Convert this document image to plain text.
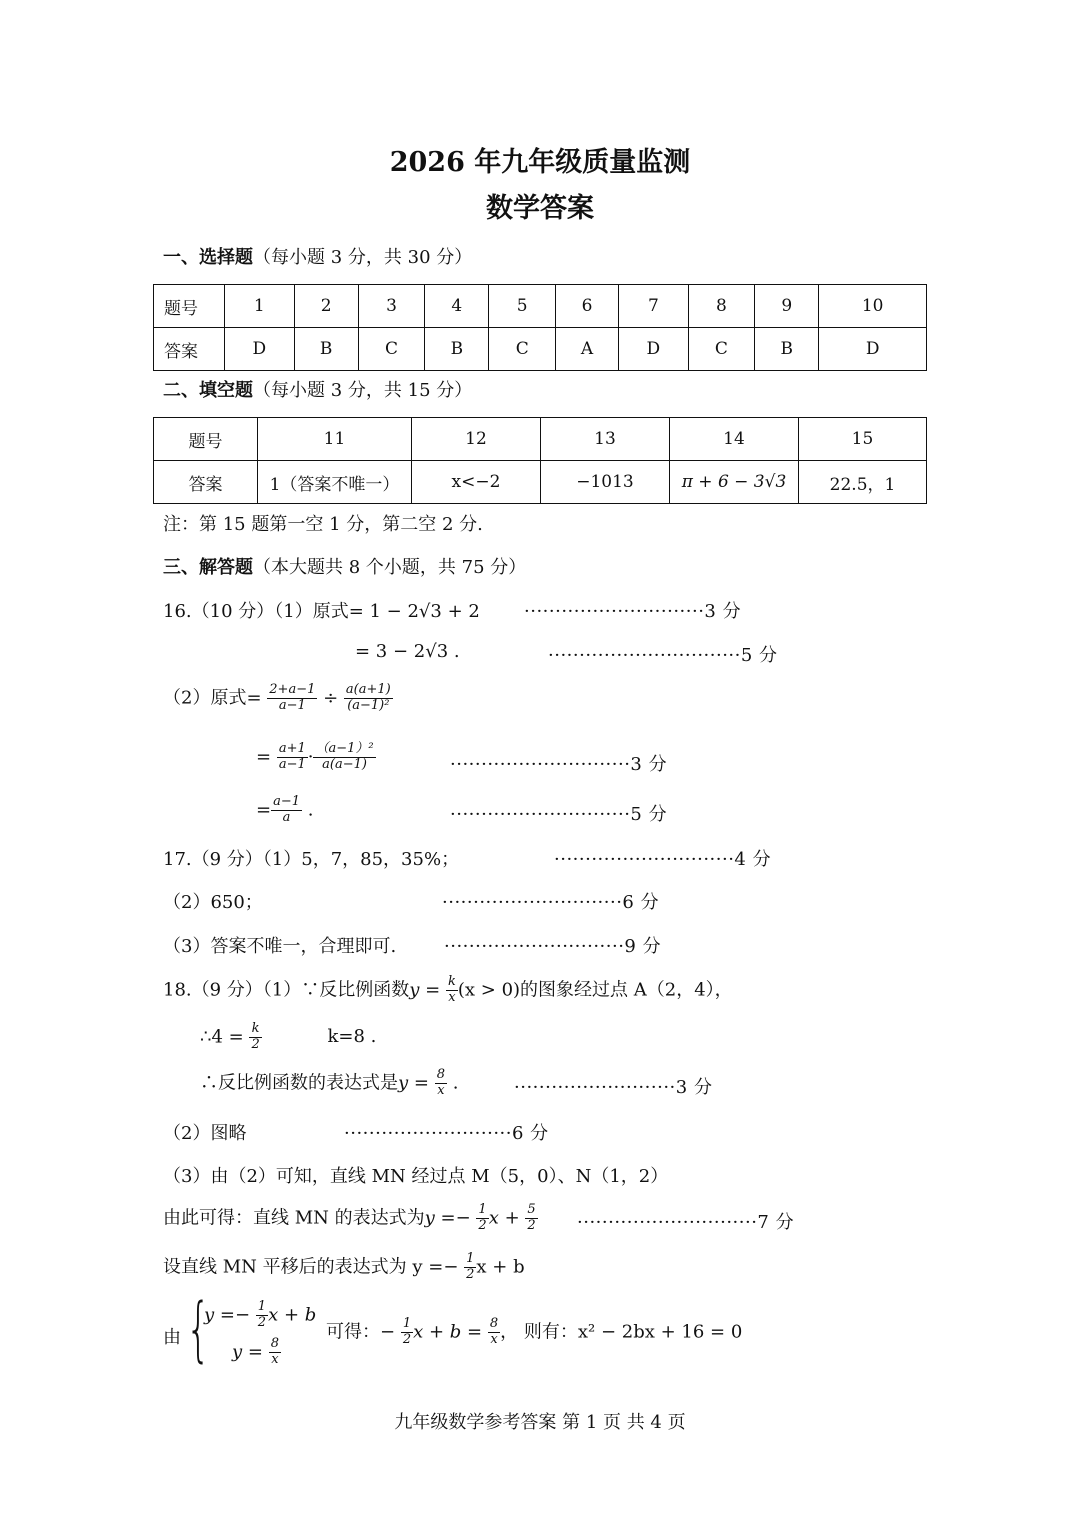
2026 年九年级质量监测
数学答案
一、选择题（每小题 3 分，共 30 分）
题号	1	2	3	4	5	6	7	8	9	10
答案	D	B	C	B	C	A	D	C	B	D
二、填空题（每小题 3 分，共 15 分）
题号	11	12	13	14	15
答案	1（答案不唯一）	x<−2	−1013	π + 6 − 3√3	22.5，1
注：第 15 题第一空 1 分，第二空 2 分.
三、解答题（本大题共 8 个小题，共 75 分）
16.（10 分）（1）原式= 1 − 2√3 + 2 ·····························3 分
= 3 − 2√3 .	·······························5 分
（2）原式= $\frac{2+a-1}{a-1} \div \frac{a(a+1)}{\text{(a−1)²}}$
= $\frac{a+1}{a-1} \cdot \frac{\text{（a−1）²}}{a(a-1)}$	·····························3 分
= $\frac{a-1}{a}$ .	·····························5 分
17.（9 分）（1）5，7，85，35%；	·····························4 分
（2）650；	·····························6 分
（3）答案不唯一，合理即可.	·····························9 分
18.（9 分）（1）∵反比例函数$y = \frac{k}{x} (x > 0)$的图象经过点 A（2，4），
∴4 = $\frac{k}{2}$	k=8 .
∴反比例函数的表达式是$y = \frac{8}{x}$ .	··························3 分
（2）图略	···························6 分
（3）由（2）可知，直线 MN 经过点 M（5，0）、N（1，2）
由此可得：直线 MN 的表达式为$y =- \frac{1}{2}$ $x + \frac{5}{2} \cdot\cdot\cdot\cdot\cdot\cdot\cdot\cdot\cdot\cdot\cdot\cdot\cdot\cdot\cdot\cdot\cdot\cdot\cdot\cdot\cdot\cdot\cdot\cdot\cdot\cdot\cdot\cdot\cdot 7$ 分
设直线 MN 平移后的表达式为 $y =- \frac{1}{2}$ x + b
由 {
$y =- \frac{1}{2}$ x + b
$y = \frac{8}{x}$
可得：− $\frac{1}{2}$ $x + b = \frac{8}{x}$ ， 则有：x² − 2bx + 16 = 0
九年级数学参考答案 第 1 页 共 4 页
